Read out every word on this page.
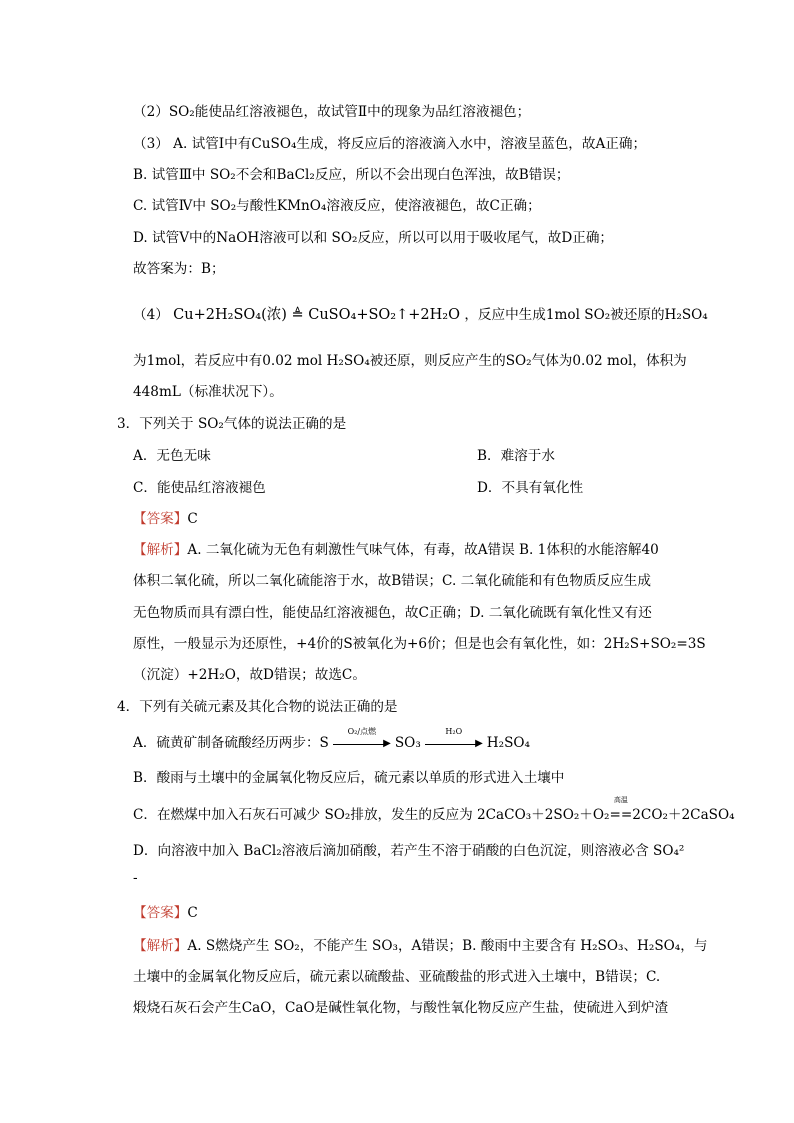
（2）SO₂能使品红溶液褪色，故试管Ⅱ中的现象为品红溶液褪色；
（3） A. 试管Ⅰ中有CuSO₄生成，将反应后的溶液滴入水中，溶液呈蓝色，故A正确；
B. 试管Ⅲ中 SO₂不会和BaCl₂反应，所以不会出现白色浑浊，故B错误；
C. 试管Ⅳ中 SO₂与酸性KMnO₄溶液反应，使溶液褪色，故C正确；
D. 试管Ⅴ中的NaOH溶液可以和 SO₂反应，所以可以用于吸收尾气，故D正确；
故答案为：B；
（4） Cu+2H₂SO₄(浓) ≜ CuSO₄+SO₂↑+2H₂O ，反应中生成1mol SO₂被还原的H₂SO₄
为1mol，若反应中有0.02 mol H₂SO₄被还原，则反应产生的SO₂气体为0.02 mol，体积为
448mL（标准状况下）。
3．下列关于 SO₂气体的说法正确的是
A．无色无味	B．难溶于水
C．能使品红溶液褪色	D．不具有氧化性
【答案】C
【解析】A. 二氧化硫为无色有刺激性气味气体，有毒，故A错误 B. 1体积的水能溶解40
体积二氧化硫，所以二氧化硫能溶于水，故B错误；C. 二氧化硫能和有色物质反应生成
无色物质而具有漂白性，能使品红溶液褪色，故C正确；D. 二氧化硫既有氧化性又有还
原性，一般显示为还原性，+4价的S被氧化为+6价；但是也会有氧化性，如：2H₂S+SO₂=3S
（沉淀）+2H₂O，故D错误；故选C。
4．下列有关硫元素及其化合物的说法正确的是
A．硫黄矿制备硫酸经历两步：S
O₂/点燃
▶ SO₃
H₂O
▶ H₂SO₄
B．酸雨与土壤中的金属氧化物反应后，硫元素以单质的形式进入土壤中
C．在燃煤中加入石灰石可减少 SO₂排放，发生的反应为 2CaCO₃＋2SO₂＋O₂
高温
==2CO₂＋2CaSO₄
D．向溶液中加入 BaCl₂溶液后滴加硝酸，若产生不溶于硝酸的白色沉淀，则溶液必含 SO₄²
-
【答案】C
【解析】A. S燃烧产生 SO₂，不能产生 SO₃，A错误；B. 酸雨中主要含有 H₂SO₃、H₂SO₄，与
土壤中的金属氧化物反应后，硫元素以硫酸盐、亚硫酸盐的形式进入土壤中，B错误；C.
煅烧石灰石会产生CaO，CaO是碱性氧化物，与酸性氧化物反应产生盐，使硫进入到炉渣
